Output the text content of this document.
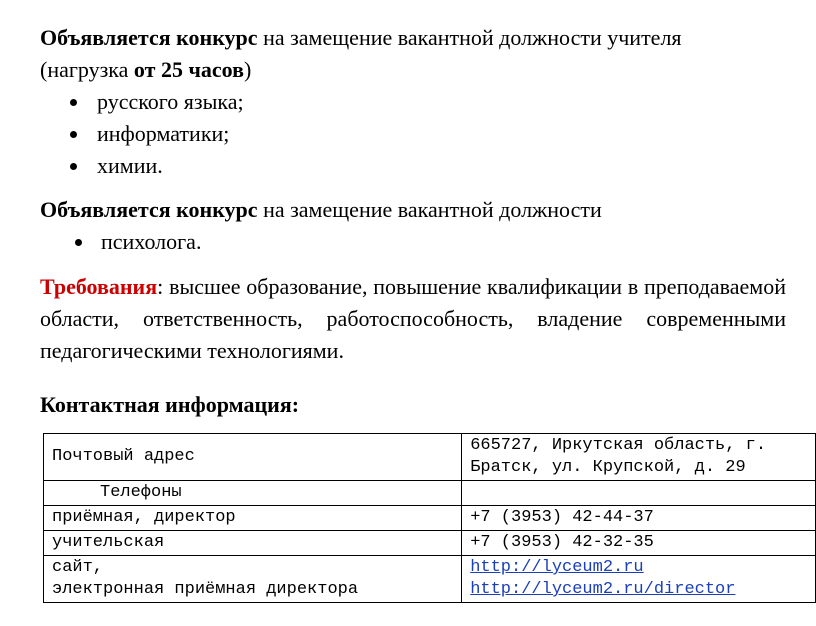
Объявляется конкурс на замещение вакантной должности учителя
(нагрузка от 25 часов)

русского языка;
информатики;
химии.

Объявляется конкурс на замещение вакантной должности

психолога.

Требования: высшее образование, повышение квалификации в преподаваемой области, ответственность, работоспособность, владение современными педагогическими технологиями.

Контактная информация:

Почтовый адрес	665727, Иркутская область, г.
Братск, ул. Крупской, д. 29
Телефоны	
приёмная, директор	+7 (3953) 42-44-37
учительская	+7 (3953) 42-32-35
сайт,
электронная приёмная директора	http://lyceum2.ru
http://lyceum2.ru/director
